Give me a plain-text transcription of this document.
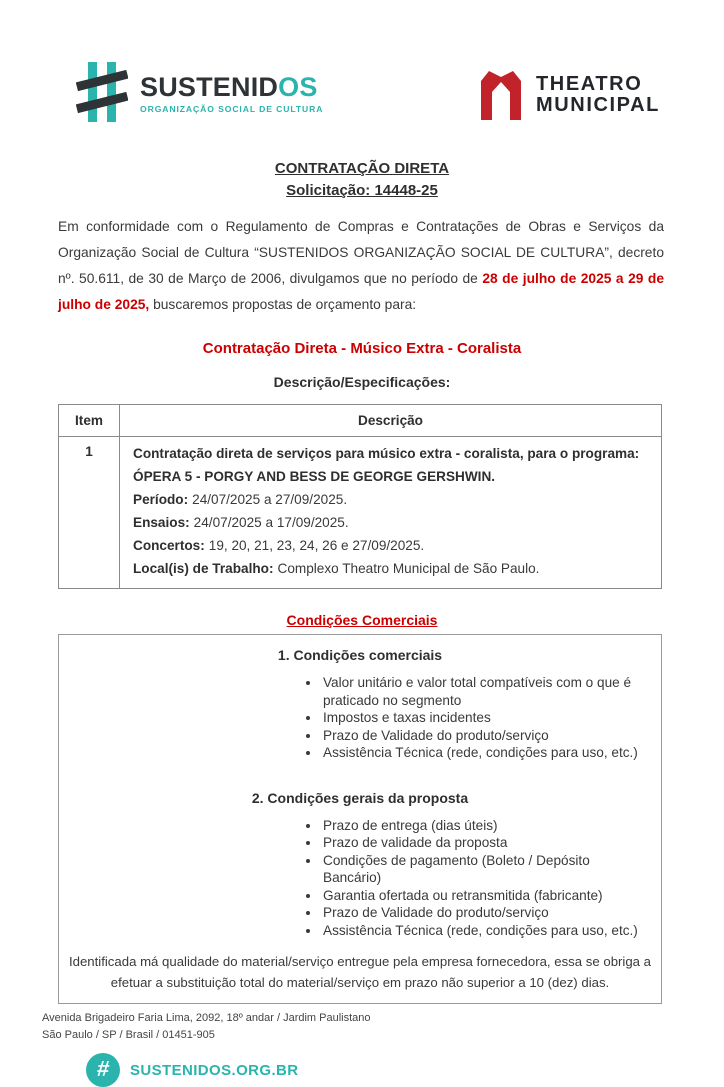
SUSTENIDOS
ORGANIZAÇÃO SOCIAL DE CULTURA
THEATRO
MUNICIPAL
CONTRATAÇÃO DIRETA
Solicitação: 14448-25

Em conformidade com o Regulamento de Compras e Contratações de Obras e Serviços da Organização Social de Cultura “SUSTENIDOS ORGANIZAÇÃO SOCIAL DE CULTURA”, decreto nº. 50.611, de 30 de Março de 2006, divulgamos que no período de 28 de julho de 2025 a 29 de julho de 2025, buscaremos propostas de orçamento para:

Contratação Direta - Músico Extra - Coralista
Descrição/Especificações:
Item	Descrição
1	Contratação direta de serviços para músico extra - coralista, para o programa: ÓPERA 5 - PORGY AND BESS DE GEORGE GERSHWIN.

Período: 24/07/2025 a 27/09/2025.

Ensaios: 24/07/2025 a 17/09/2025.

Concertos: 19, 20, 21, 23, 24, 26 e 27/09/2025.

Local(is) de Trabalho: Complexo Theatro Municipal de São Paulo.

Condições Comerciais
1. Condições comerciais
• Valor unitário e valor total compatíveis com o que é praticado no segmento
• Impostos e taxas incidentes
• Prazo de Validade do produto/serviço
• Assistência Técnica (rede, condições para uso, etc.)
2. Condições gerais da proposta
• Prazo de entrega (dias úteis)
• Prazo de validade da proposta
• Condições de pagamento (Boleto / Depósito Bancário)
• Garantia ofertada ou retransmitida (fabricante)
• Prazo de Validade do produto/serviço
• Assistência Técnica (rede, condições para uso, etc.)

Identificada má qualidade do material/serviço entregue pela empresa fornecedora, essa se obriga a efetuar a substituição total do material/serviço em prazo não superior a 10 (dez) dias.

Avenida Brigadeiro Faria Lima, 2092, 18º andar / Jardim Paulistano
São Paulo / SP / Brasil / 01451-905
# SUSTENIDOS.ORG.BR
